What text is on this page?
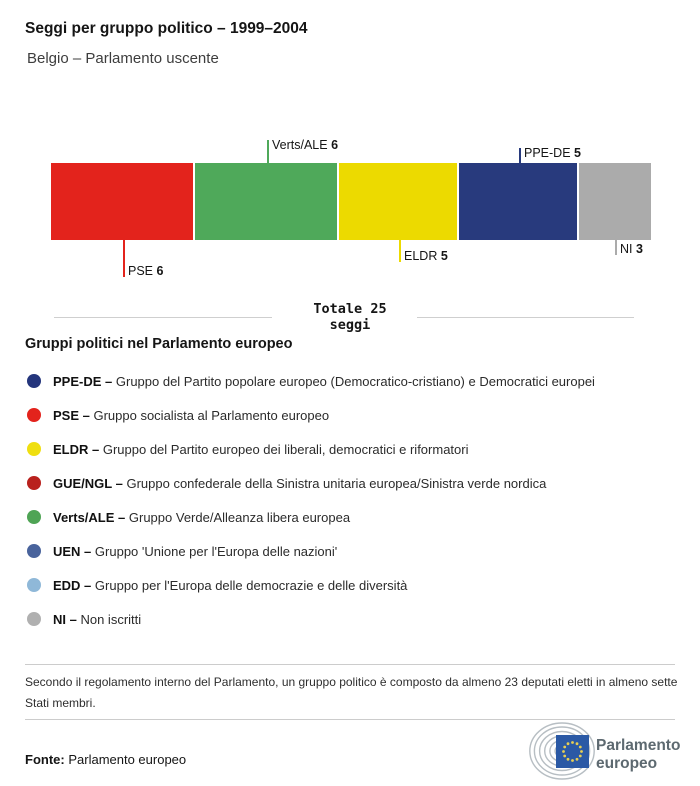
Seggi per gruppo politico – 1999–2004
Belgio – Parlamento uscente
PSE 6
Verts/ALE 6
ELDR 5
PPE-DE 5
NI 3
Totale 25
seggi
Gruppi politici nel Parlamento europeo
PPE-DE – Gruppo del Partito popolare europeo (Democratico-cristiano) e Democratici europei
PSE – Gruppo socialista al Parlamento europeo
ELDR – Gruppo del Partito europeo dei liberali, democratici e riformatori
GUE/NGL – Gruppo confederale della Sinistra unitaria europea/Sinistra verde nordica
Verts/ALE – Gruppo Verde/Alleanza libera europea
UEN – Gruppo 'Unione per l'Europa delle nazioni'
EDD – Gruppo per l'Europa delle democrazie e delle diversità
NI – Non iscritti
Secondo il regolamento interno del Parlamento, un gruppo politico è composto da almeno 23 deputati eletti in almeno sette Stati membri.
Fonte: Parlamento europeo
Parlamento
europeo
